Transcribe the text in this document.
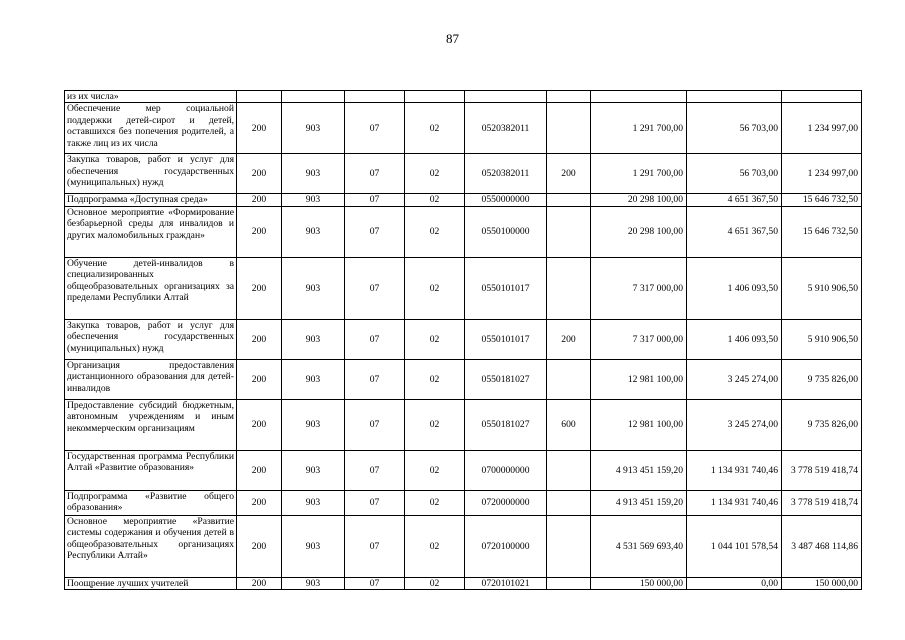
87
из их числа»									
Обеспечение мер социальной поддержки детей-сирот и детей, оставшихся без попечения родителей, а также лиц из их числа	200	903	07	02	0520382011		1 291 700,00	56 703,00	1 234 997,00
Закупка товаров, работ и услуг для обеспечения государственных (муниципальных) нужд	200	903	07	02	0520382011	200	1 291 700,00	56 703,00	1 234 997,00
Подпрограмма «Доступная среда»	200	903	07	02	0550000000		20 298 100,00	4 651 367,50	15 646 732,50
Основное мероприятие «Формирование безбарьерной среды для инвалидов и других маломобильных граждан»	200	903	07	02	0550100000		20 298 100,00	4 651 367,50	15 646 732,50
Обучение детей-инвалидов в специализированных общеобразовательных организациях за пределами Республики Алтай	200	903	07	02	0550101017		7 317 000,00	1 406 093,50	5 910 906,50
Закупка товаров, работ и услуг для обеспечения государственных (муниципальных) нужд	200	903	07	02	0550101017	200	7 317 000,00	1 406 093,50	5 910 906,50
Организация предоставления дистанционного образования для детей-инвалидов	200	903	07	02	0550181027		12 981 100,00	3 245 274,00	9 735 826,00
Предоставление субсидий бюджетным, автономным учреждениям и иным некоммерческим организациям	200	903	07	02	0550181027	600	12 981 100,00	3 245 274,00	9 735 826,00
Государственная программа Республики Алтай «Развитие образования»	200	903	07	02	0700000000		4 913 451 159,20	1 134 931 740,46	3 778 519 418,74
Подпрограмма «Развитие общего образования»	200	903	07	02	0720000000		4 913 451 159,20	1 134 931 740,46	3 778 519 418,74
Основное мероприятие «Развитие системы содержания и обучения детей в общеобразовательных организациях Республики Алтай»	200	903	07	02	0720100000		4 531 569 693,40	1 044 101 578,54	3 487 468 114,86
Поощрение лучших учителей	200	903	07	02	0720101021		150 000,00	0,00	150 000,00
